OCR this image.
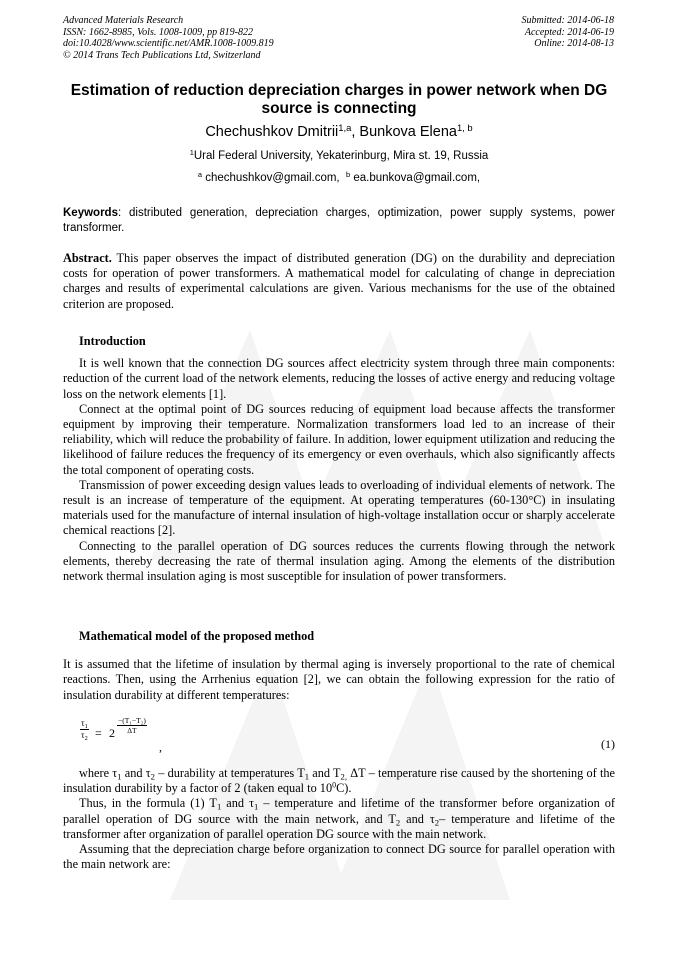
Advanced Materials Research
ISSN: 1662-8985, Vols. 1008-1009, pp 819-822
doi:10.4028/www.scientific.net/AMR.1008-1009.819
© 2014 Trans Tech Publications Ltd, Switzerland
Submitted: 2014-06-18
Accepted: 2014-06-19
Online: 2014-08-13
Estimation of reduction depreciation charges in power network when DG source is connecting
Chechushkov Dmitrii$^{1,a}$, Bunkova Elena$^{1, b}$
$^1$Ural Federal University, Yekaterinburg, Mira st. 19, Russia
$^a$ chechushkov@gmail.com, $^b$ ea.bunkova@gmail.com,
Keywords: distributed generation, depreciation charges, optimization, power supply systems, power transformer.
Abstract. This paper observes the impact of distributed generation (DG) on the durability and depreciation costs for operation of power transformers. A mathematical model for calculating of change in depreciation charges and results of experimental calculations are given. Various mechanisms for the use of the obtained criterion are proposed.
Introduction

It is well known that the connection DG sources affect electricity system through three main components: reduction of the current load of the network elements, reducing the losses of active energy and reducing voltage loss on the network elements [1].

Connect at the optimal point of DG sources reducing of equipment load because affects the transformer equipment by improving their temperature. Normalization transformers load led to an increase of their reliability, which will reduce the probability of failure. In addition, lower equipment utilization and reducing the likelihood of failure reduces the frequency of its emergency or even overhauls, which also significantly affects the total component of operating costs.

Transmission of power exceeding design values leads to overloading of individual elements of network. The result is an increase of temperature of the equipment. At operating temperatures (60-130°C) in insulating materials used for the manufacture of internal insulation of high-voltage installation occur or sharply accelerate chemical reactions [2].

Connecting to the parallel operation of DG sources reduces the currents flowing through the network elements, thereby decreasing the rate of thermal insulation aging. Among the elements of the distribution network thermal insulation aging is most susceptible for insulation of power transformers.

Mathematical model of the proposed method

It is assumed that the lifetime of insulation by thermal aging is inversely proportional to the rate of chemical reactions. Then, using the Arrhenius equation [2], we can obtain the following expression for the ratio of insulation durability at different temperatures:

$\frac{\tau_1}{\tau_2} = 2 \frac{\text{−(T₁−T₂)}}{\Delta T}$
,	(1)

where $\tau_1$ and $\tau_2$ – durability at temperatures $T_1$ and $T_{2,}$ ΔT – temperature rise caused by the shortening of the insulation durability by a factor of 2 (taken equal to $10^0C$).

Thus, in the formula (1) $T_1$ and $\tau_1$ – temperature and lifetime of the transformer before organization of parallel operation of DG source with the main network, and $T_2$ and $\tau_2-$ temperature and lifetime of the transformer after organization of parallel operation DG source with the main network.

Assuming that the depreciation charge before organization to connect DG source for parallel operation with the main network are:
